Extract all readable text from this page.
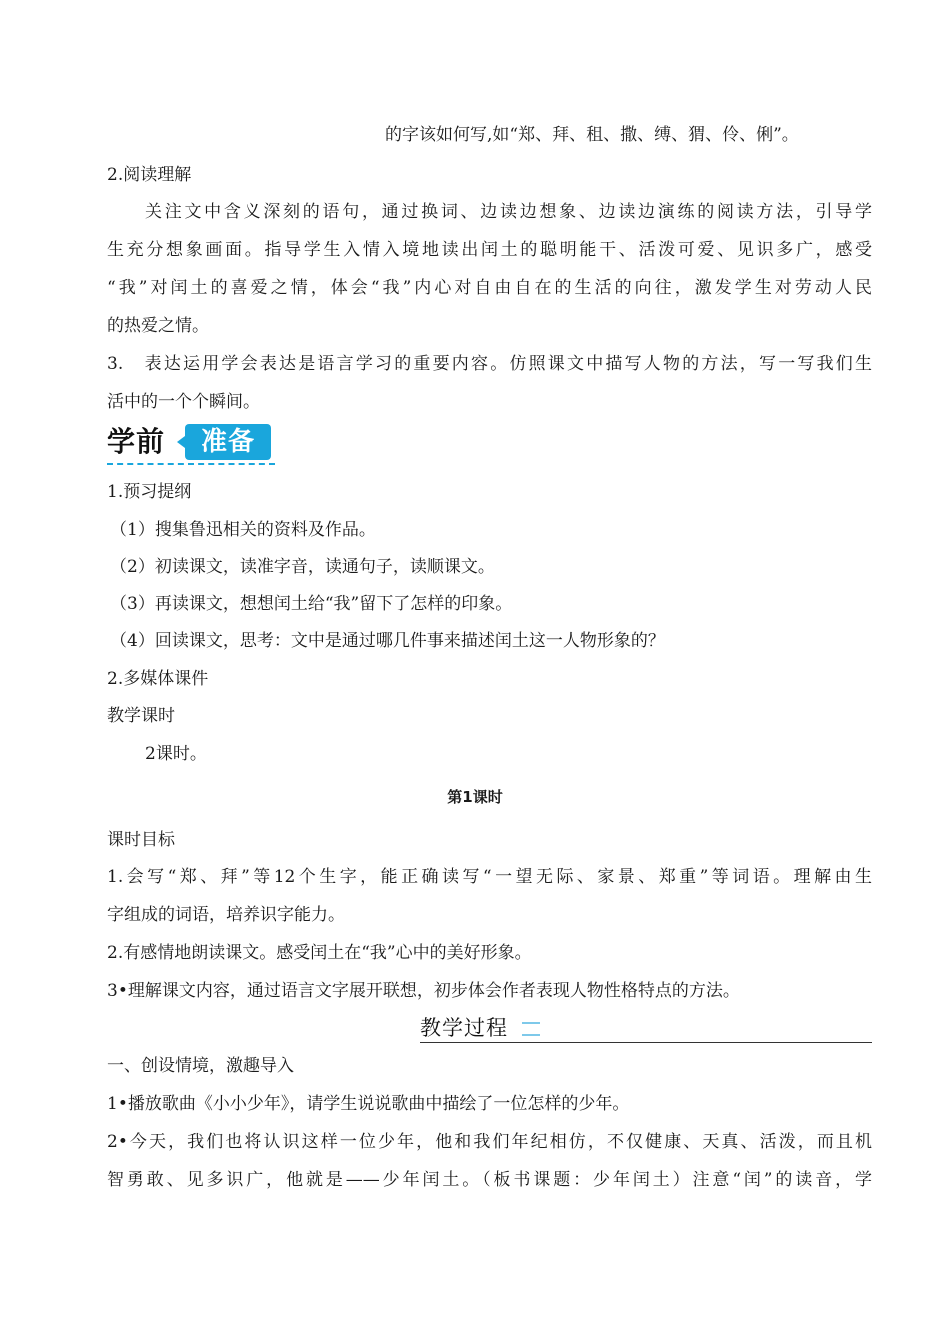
的字该如何写,如“郑、拜、租、撒、缚、猬、伶、俐”。
2.阅读理解
关注文中含义深刻的语句，通过换词、边读边想象、边读边演练的阅读方法，引导学
生充分想象画面。指导学生入情入境地读出闰土的聪明能干、活泼可爱、见识多广，感受
“我”对闰土的喜爱之情，体会“我”内心对自由自在的生活的向往，激发学生对劳动人民
的热爱之情。
3.　表达运用学会表达是语言学习的重要内容。仿照课文中描写人物的方法，写一写我们生
活中的一个个瞬间。
学前	准备
1.预习提纲
（1）搜集鲁迅相关的资料及作品。
（2）初读课文，读准字音，读通句子，读顺课文。
（3）再读课文，想想闰土给“我”留下了怎样的印象。
（4）回读课文，思考：文中是通过哪几件事来描述闰土这一人物形象的？
2.多媒体课件
教学课时
2课时。
第1课时
课时目标
1.会写“郑、拜”等12个生字，能正确读写“一望无际、家景、郑重”等词语。理解由生
字组成的词语，培养识字能力。
2.有感情地朗读课文。感受闰土在“我”心中的美好形象。
3•理解课文内容，通过语言文字展开联想，初步体会作者表现人物性格特点的方法。
教学过程
一、创设情境，激趣导入
1•播放歌曲《小小少年》，请学生说说歌曲中描绘了一位怎样的少年。
2•今天，我们也将认识这样一位少年，他和我们年纪相仿，不仅健康、天真、活泼，而且机
智勇敢、见多识广，他就是——少年闰土。（板书课题：少年闰土）注意“闰”的读音，学
